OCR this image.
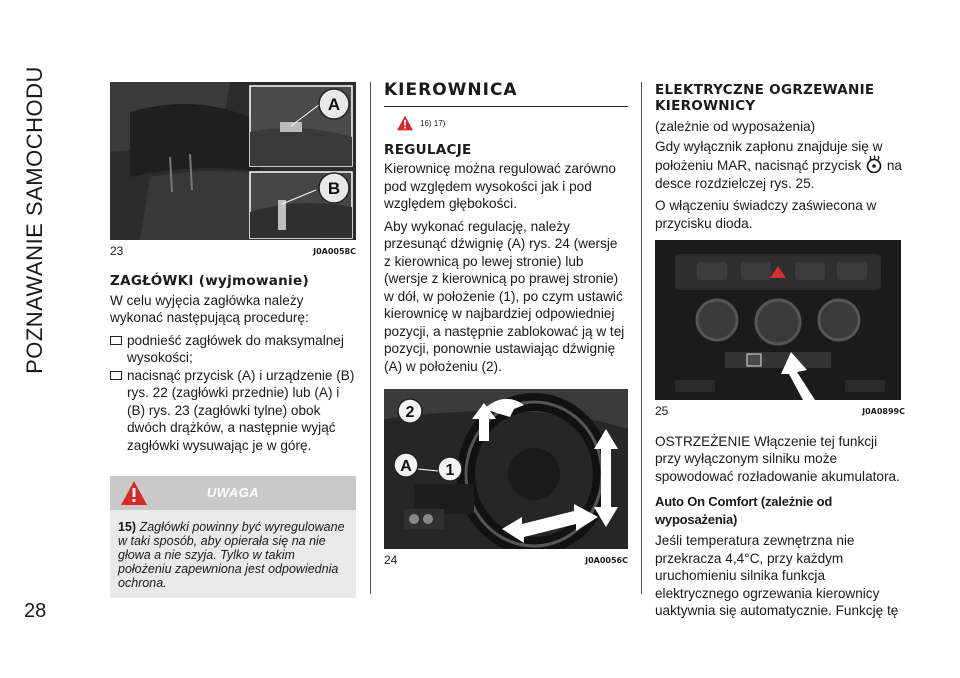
POZNAWANIE SAMOCHODU
28
A
B
23	J0A0058C
ZAGŁÓWKI (wyjmowanie)

W celu wyjęcia zagłówka należy wykonać następującą procedurę:

podnieść zagłówek do maksymalnej wysokości;
nacisnąć przycisk (A) i urządzenie (B) rys. 22 (zagłówki przednie) lub (A) i (B) rys. 23 (zagłówki tylne) obok dwóch drążków, a następnie wyjąć zagłówki wysuwając je w górę.
UWAGA
15) Zagłówki powinny być wyregulowane w taki sposób, aby opierała się na nie głowa a nie szyja. Tylko w takim położeniu zapewniona jest odpowiednia ochrona.
KIEROWNICA
16) 17)
REGULACJE

Kierownicę można regulować zarówno pod względem wysokości jak i pod względem głębokości.

Aby wykonać regulację, należy przesunąć dźwignię (A) rys. 24 (wersje z kierownicą po lewej stronie) lub (wersje z kierownicą po prawej stronie) w dół, w położenie (1), po czym ustawić kierownicę w najbardziej odpowiedniej pozycji, a następnie zablokować ją w tej pozycji, ponownie ustawiając dźwignię (A) w położeniu (2).

2
A 1
24	J0A0056C
ELEKTRYCZNE OGRZEWANIE KIEROWNICY

(zależnie od wyposażenia)

Gdy wyłącznik zapłonu znajduje się w położeniu MAR, nacisnąć przycisk na desce rozdzielczej rys. 25.

O włączeniu świadczy zaświecona w przycisku dioda.

25	J0A0899C

OSTRZEŻENIE Włączenie tej funkcji przy wyłączonym silniku może spowodować rozładowanie akumulatora.

Auto On Comfort (zależnie od wyposażenia)

Jeśli temperatura zewnętrzna nie przekracza 4,4°C, przy każdym uruchomieniu silnika funkcja elektrycznego ogrzewania kierownicy uaktywnia się automatycznie. Funkcję tę
